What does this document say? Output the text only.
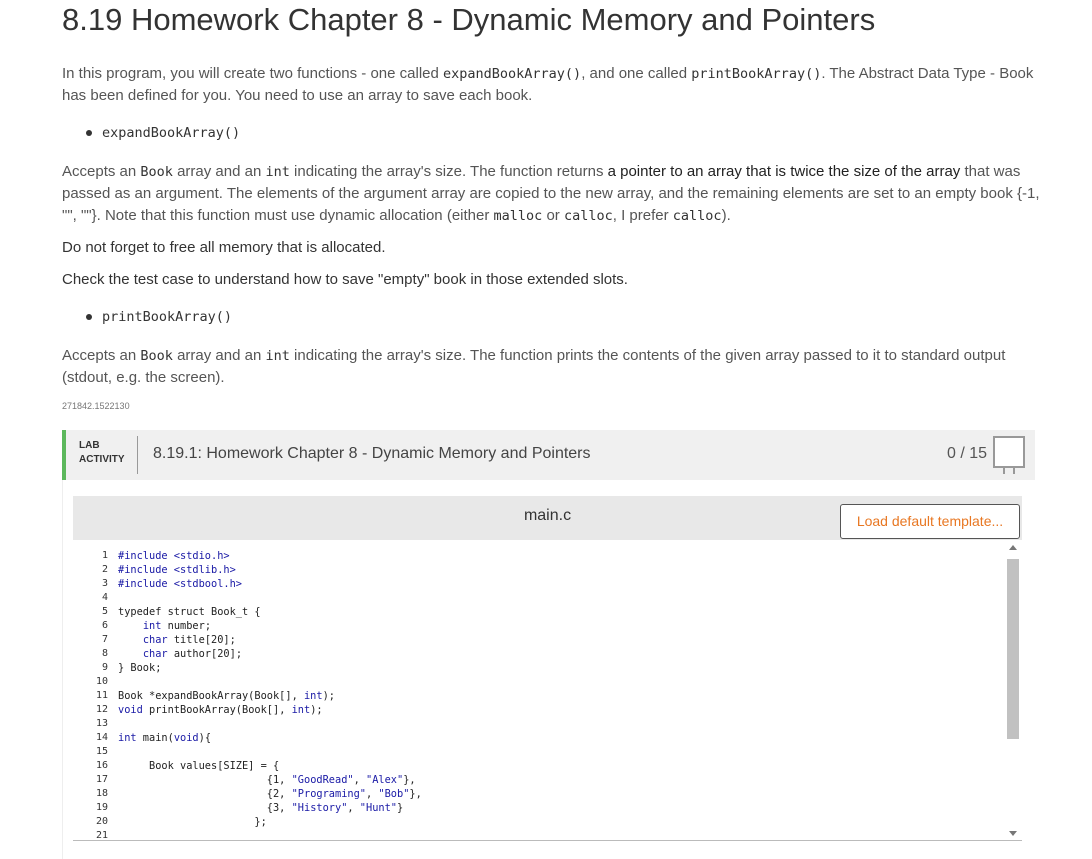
8.19 Homework Chapter 8 - Dynamic Memory and Pointers
In this program, you will create two functions - one called expandBookArray(), and one called printBookArray(). The Abstract Data Type - Book has been defined for you. You need to use an array to save each book.
expandBookArray()
Accepts an Book array and an int indicating the array's size. The function returns a pointer to an array that is twice the size of the array that was passed as an argument. The elements of the argument array are copied to the new array, and the remaining elements are set to an empty book {-1, "", ""}. Note that this function must use dynamic allocation (either malloc or calloc, I prefer calloc).
Do not forget to free all memory that is allocated.
Check the test case to understand how to save "empty" book in those extended slots.
printBookArray()
Accepts an Book array and an int indicating the array's size. The function prints the contents of the given array passed to it to standard output (stdout, e.g. the screen).
271842.1522130
LAB
ACTIVITY 8.19.1: Homework Chapter 8 - Dynamic Memory and Pointers	0 / 15
main.c	Load default template...
1
2
3
4
5
6
7
8
9
10
11
12
13
14
15
16
17
18
19
20
21
#include <stdio.h>
#include <stdlib.h>
#include <stdbool.h>

typedef struct Book_t {
int number;
char title[20];
char author[20];
} Book;

Book *expandBookArray(Book[], int);
void printBookArray(Book[], int);

int main(void){

Book values[SIZE] = {
{1, "GoodRead", "Alex"},
{2, "Programing", "Bob"},
{3, "History", "Hunt"}
};
